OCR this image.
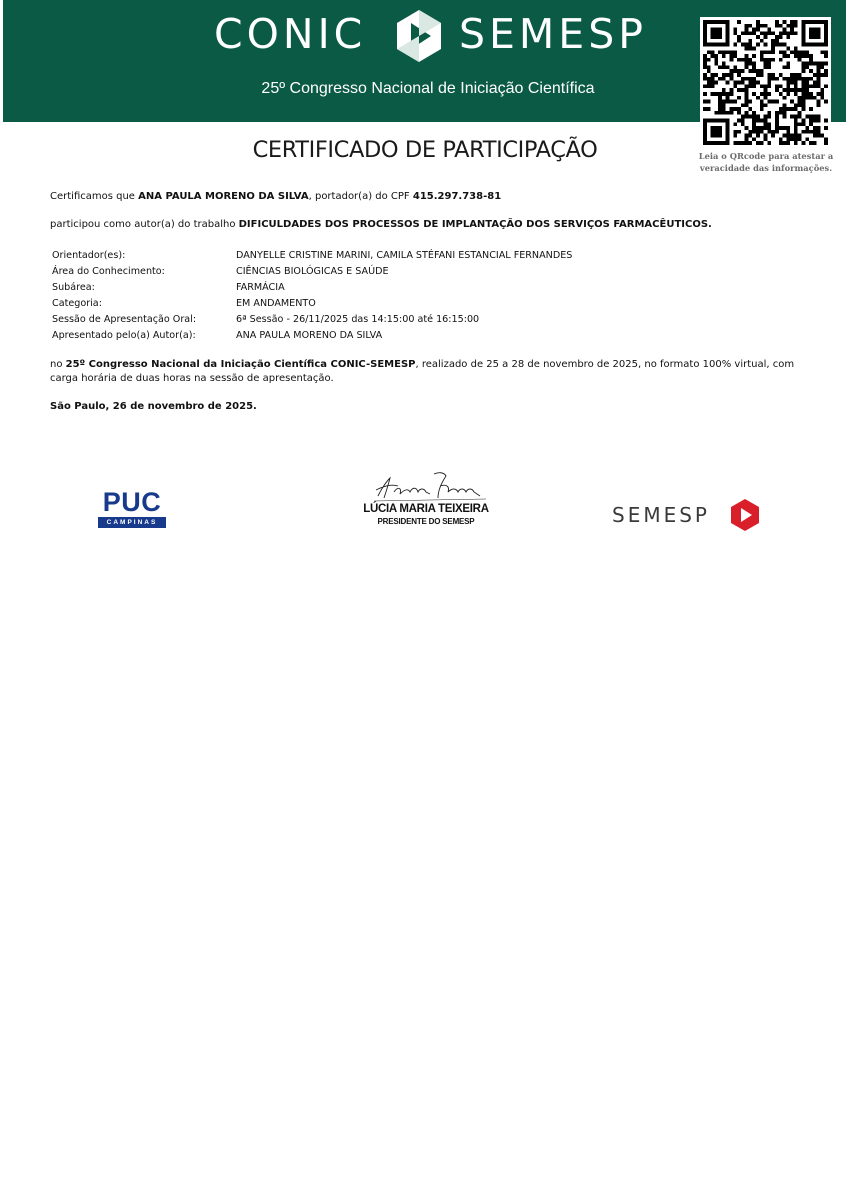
CONIC SEMESP
25º Congresso Nacional de Iniciação Científica
Leia o QRcode para atestar a veracidade das informações.
CERTIFICADO DE PARTICIPAÇÃO
Certificamos que ANA PAULA MORENO DA SILVA, portador(a) do CPF 415.297.738-81
participou como autor(a) do trabalho DIFICULDADES DOS PROCESSOS DE IMPLANTAÇÃO DOS SERVIÇOS FARMACÊUTICOS.
Orientador(es):	DANYELLE CRISTINE MARINI, CAMILA STÉFANI ESTANCIAL FERNANDES
Área do Conhecimento:	CIÊNCIAS BIOLÓGICAS E SAÚDE
Subárea:	FARMÁCIA
Categoria:	EM ANDAMENTO
Sessão de Apresentação Oral:	6ª Sessão - 26/11/2025 das 14:15:00 até 16:15:00
Apresentado pelo(a) Autor(a):	ANA PAULA MORENO DA SILVA
no 25º Congresso Nacional da Iniciação Científica CONIC-SEMESP, realizado de 25 a 28 de novembro de 2025, no formato 100% virtual, com carga horária de duas horas na sessão de apresentação.
São Paulo, 26 de novembro de 2025.
PUC
CAMPINAS
LÚCIA MARIA TEIXEIRA
PRESIDENTE DO SEMESP	SEMESP
